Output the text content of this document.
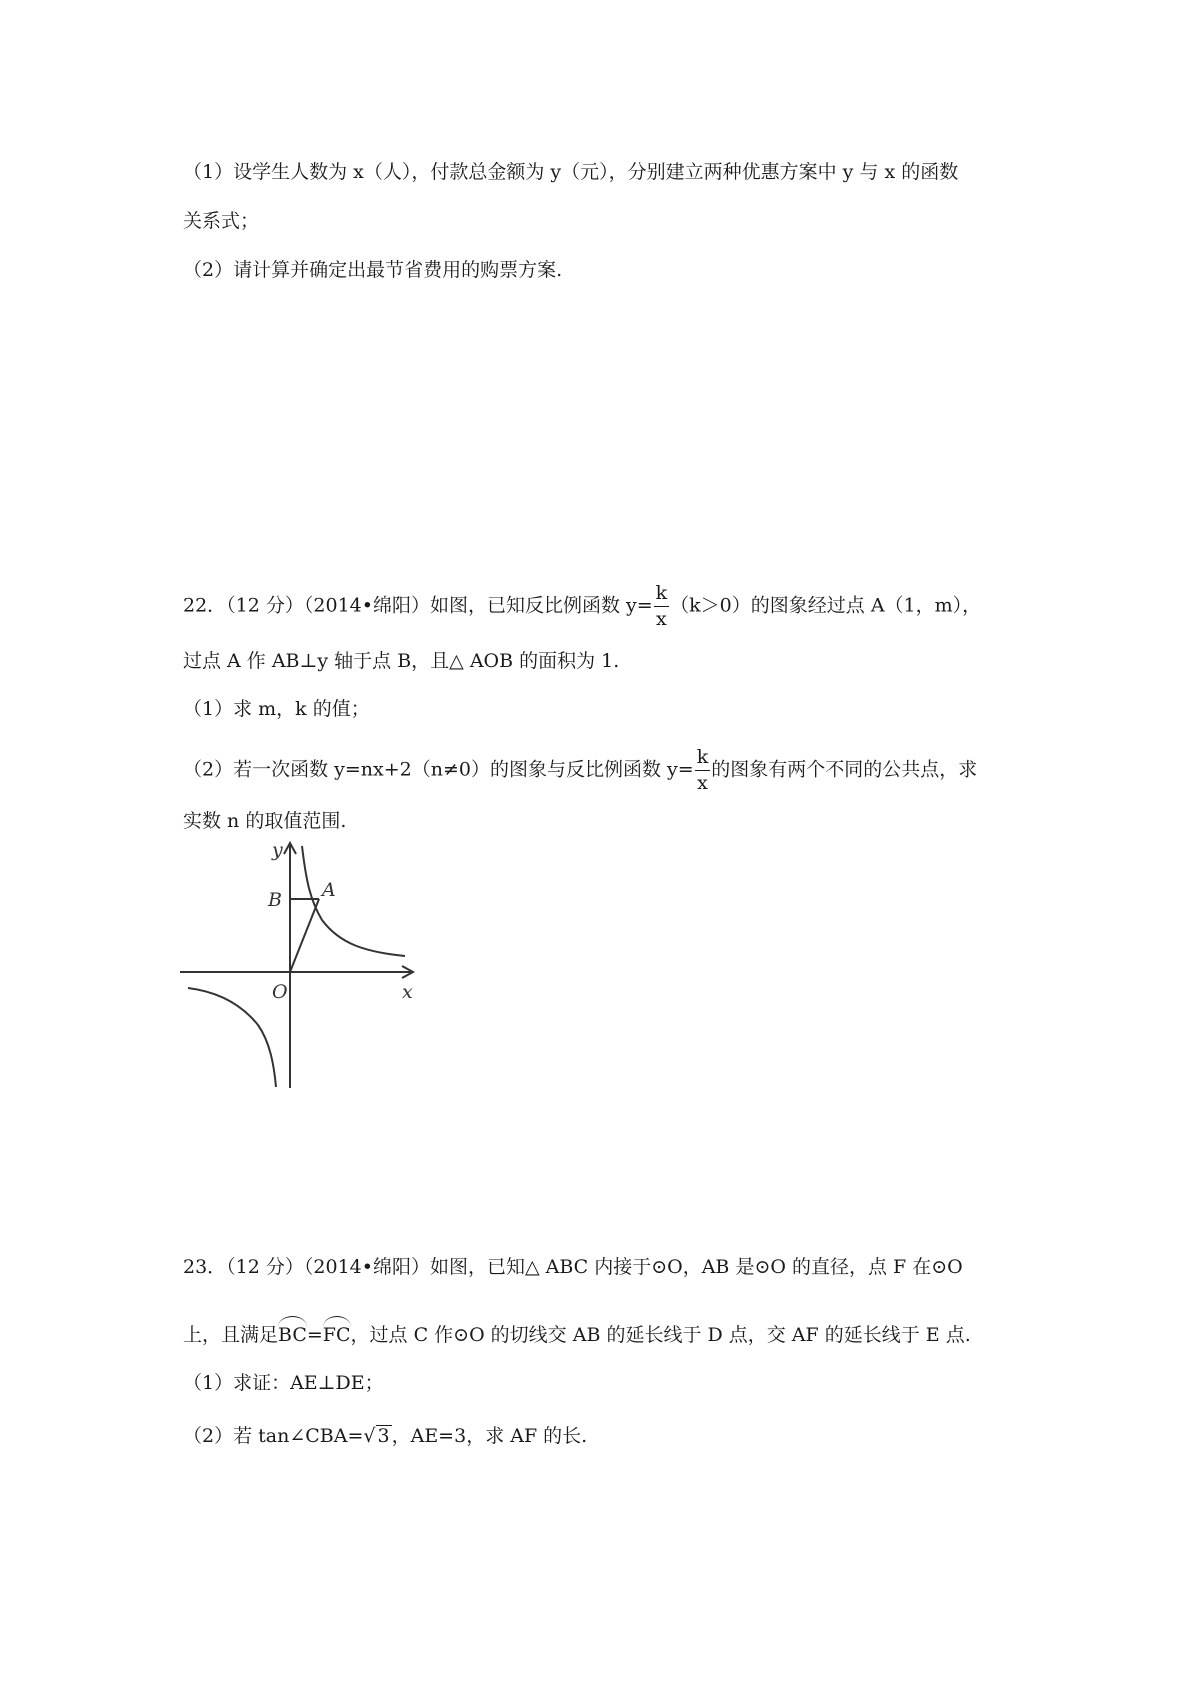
（1）设学生人数为 x（人），付款总金额为 y（元），分别建立两种优惠方案中 y 与 x 的函数
关系式；
（2）请计算并确定出最节省费用的购票方案.
22．（12 分）（2014•绵阳）如图，已知反比例函数 $y= \frac{k}{x} (k>0)$的图象经过点 A（1，m），
过点 A 作 AB⊥y 轴于点 B，且△ AOB 的面积为 1.
（1）求 m，k 的值；
（2）若一次函数 y=nx+2（n≠0）的图象与反比例函数 $y= \frac{k}{x}$ 的图象有两个不同的公共点，求
实数 n 的取值范围.
y
x
O
A
B
23．（12 分）（2014•绵阳）如图，已知△ ABC 内接于⊙O，AB 是⊙O 的直径，点 F 在⊙O
上，且满足BC=FC，过点 C 作⊙O 的切线交 AB 的延长线于 D 点，交 AF 的延长线于 E 点.
（1）求证：AE⊥DE；
（2）若 tan∠CBA=√ 3 ，AE=3，求 AF 的长.
